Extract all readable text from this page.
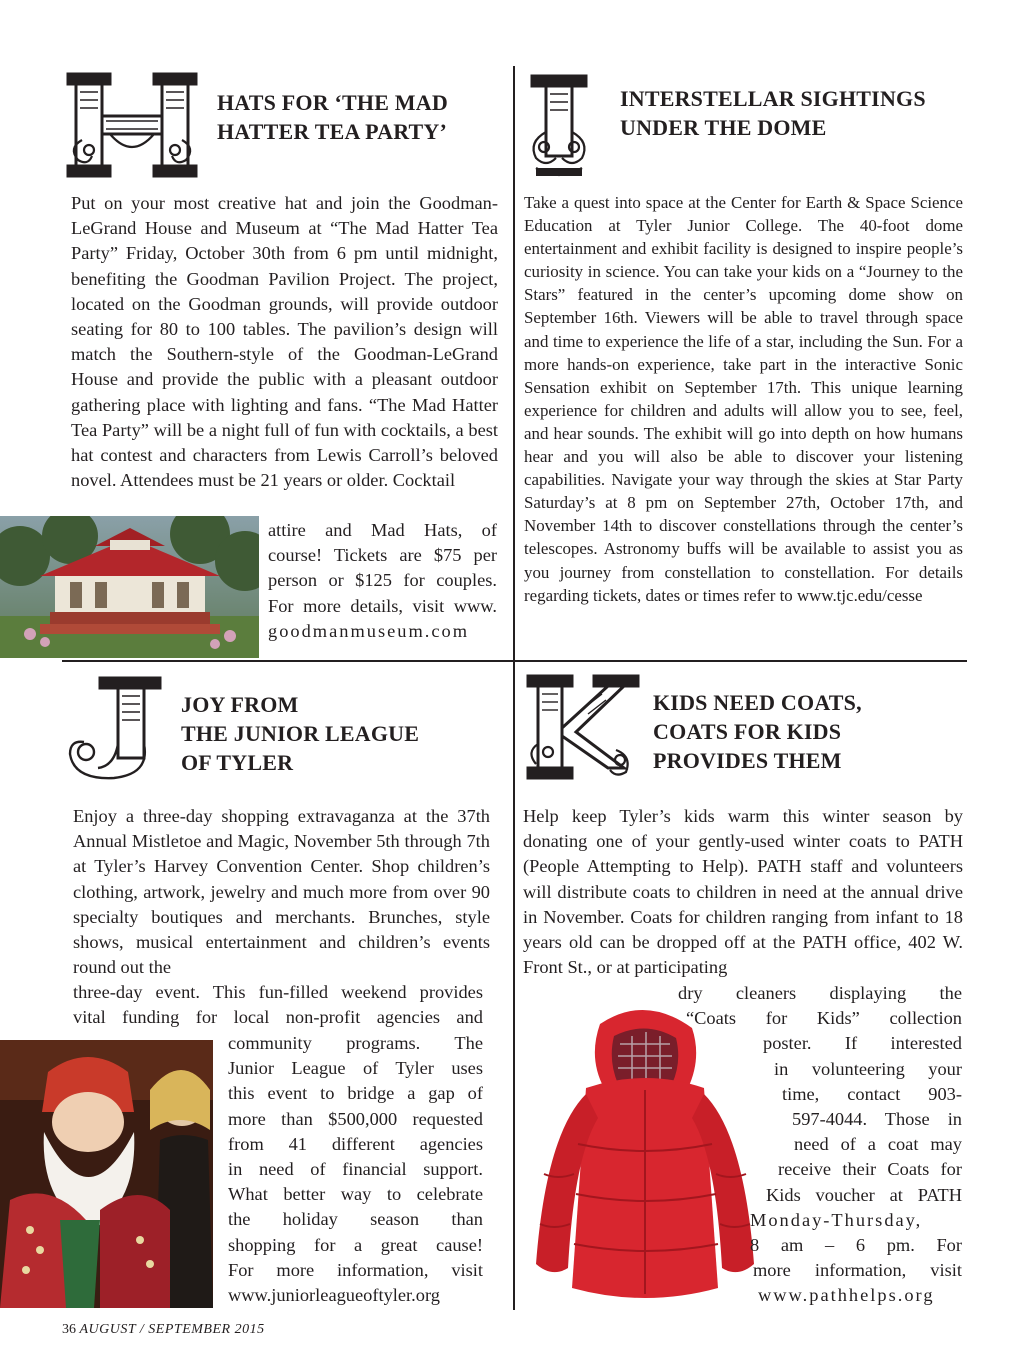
HATS FOR ‘THE MAD
HATTER TEA PARTY’

Put on your most creative hat and join the Goodman-LeGrand House and Museum at “The Mad Hatter Tea Party” Friday, October 30th from 6 pm until midnight, benefiting the Goodman Pavilion Project. The project, located on the Goodman grounds, will provide outdoor seating for 80 to 100 tables. The pavilion’s design will match the Southern-style of the Goodman-LeGrand House and provide the public with a pleasant outdoor gathering place with lighting and fans. “The Mad Hatter Tea Party” will be a night full of fun with cocktails, a best hat contest and characters from Lewis Carroll’s beloved novel. Attendees must be 21 years or older. Cocktail

attire and Mad Hats, of
course! Tickets are $75 per
person or $125 for couples.
For more details, visit www.
goodmanmuseum.com
INTERSTELLAR SIGHTINGS
UNDER THE DOME

Take a quest into space at the Center for Earth & Space Science Education at Tyler Junior College. The 40-foot dome entertainment and exhibit facility is designed to inspire people’s curiosity in science. You can take your kids on a “Journey to the Stars” featured in the center’s upcoming dome show on September 16th. Viewers will be able to travel through space and time to experience the life of a star, including the Sun. For a more hands-on experience, take part in the interactive Sonic Sensation exhibit on September 17th. This unique learning experience for children and adults will allow you to see, feel, and hear sounds. The exhibit will go into depth on how humans hear and you will also be able to discover your listening capabilities. Navigate your way through the skies at Star Party Saturday’s at 8 pm on September 27th, October 17th, and November 14th to discover constellations through the center’s telescopes. Astronomy buffs will be available to assist you as you journey from constellation to constellation. For details regarding tickets, dates or times refer to www.tjc.edu/cesse

JOY FROM
THE JUNIOR LEAGUE
OF TYLER

Enjoy a three-day shopping extravaganza at the 37th Annual Mistletoe and Magic, November 5th through 7th at Tyler’s Harvey Convention Center. Shop children’s clothing, artwork, jewelry and much more from over 90 specialty boutiques and merchants. Brunches, style shows, musical entertainment and children’s events round out the

three-day event. This fun-filled weekend provides
vital funding for local non-profit agencies and
community programs. The
Junior League of Tyler uses
this event to bridge a gap of
more than $500,000 requested
from 41 different agencies
in need of financial support.
What better way to celebrate
the holiday season than
shopping for a great cause!
For more information, visit
www.juniorleagueoftyler.org
KIDS NEED COATS,
COATS FOR KIDS
PROVIDES THEM

Help keep Tyler’s kids warm this winter season by donating one of your gently-used winter coats to PATH (People Attempting to Help). PATH staff and volunteers will distribute coats to children in need at the annual drive in November. Coats for children ranging from infant to 18 years old can be dropped off at the PATH office, 402 W. Front St., or at participating

dry cleaners displaying the
“Coats for Kids” collection
poster. If interested
in volunteering your
time, contact 903-
597-4044. Those in
need of a coat may
receive their Coats for
Kids voucher at PATH
Monday-Thursday,
8 am – 6 pm. For
more information, visit
www.pathhelps.org
36 AUGUST / SEPTEMBER 2015
